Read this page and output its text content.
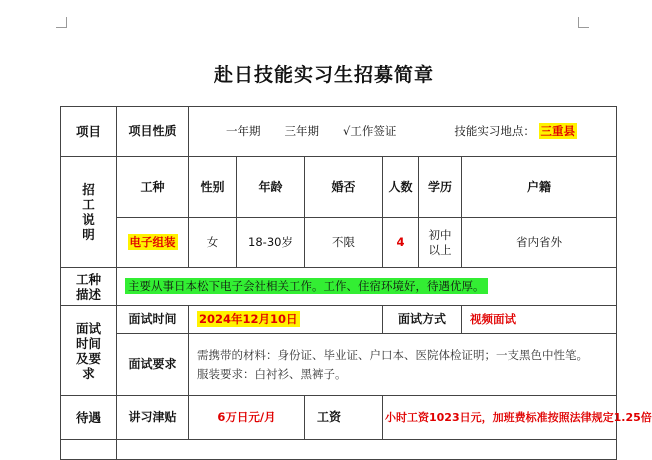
赴日技能实习生招募简章
项目	项目性质	一年期 三年期 √工作签证 技能实习地点： 三重县						

招工说明	工种	性别	年龄	婚否	人数	学历	户籍	
	电子组装	女	18-30岁	不限	4	初中以上	省内省外	

工种描述	主要从事日本松下电子会社相关工作。工作、住宿环境好，待遇优厚。							

面试时间及要求	面试时间	2024年12月10日			面试方式		视频面试	
	面试要求	需携带的材料：身份证、毕业证、户口本、医院体检证明；一支黑色中性笔。
服装要求：白衬衫、黑裤子。						

待遇	讲习津贴	6万日元/月		工资	小时工资1023日元，加班费标准按照法律规定1.25倍			
